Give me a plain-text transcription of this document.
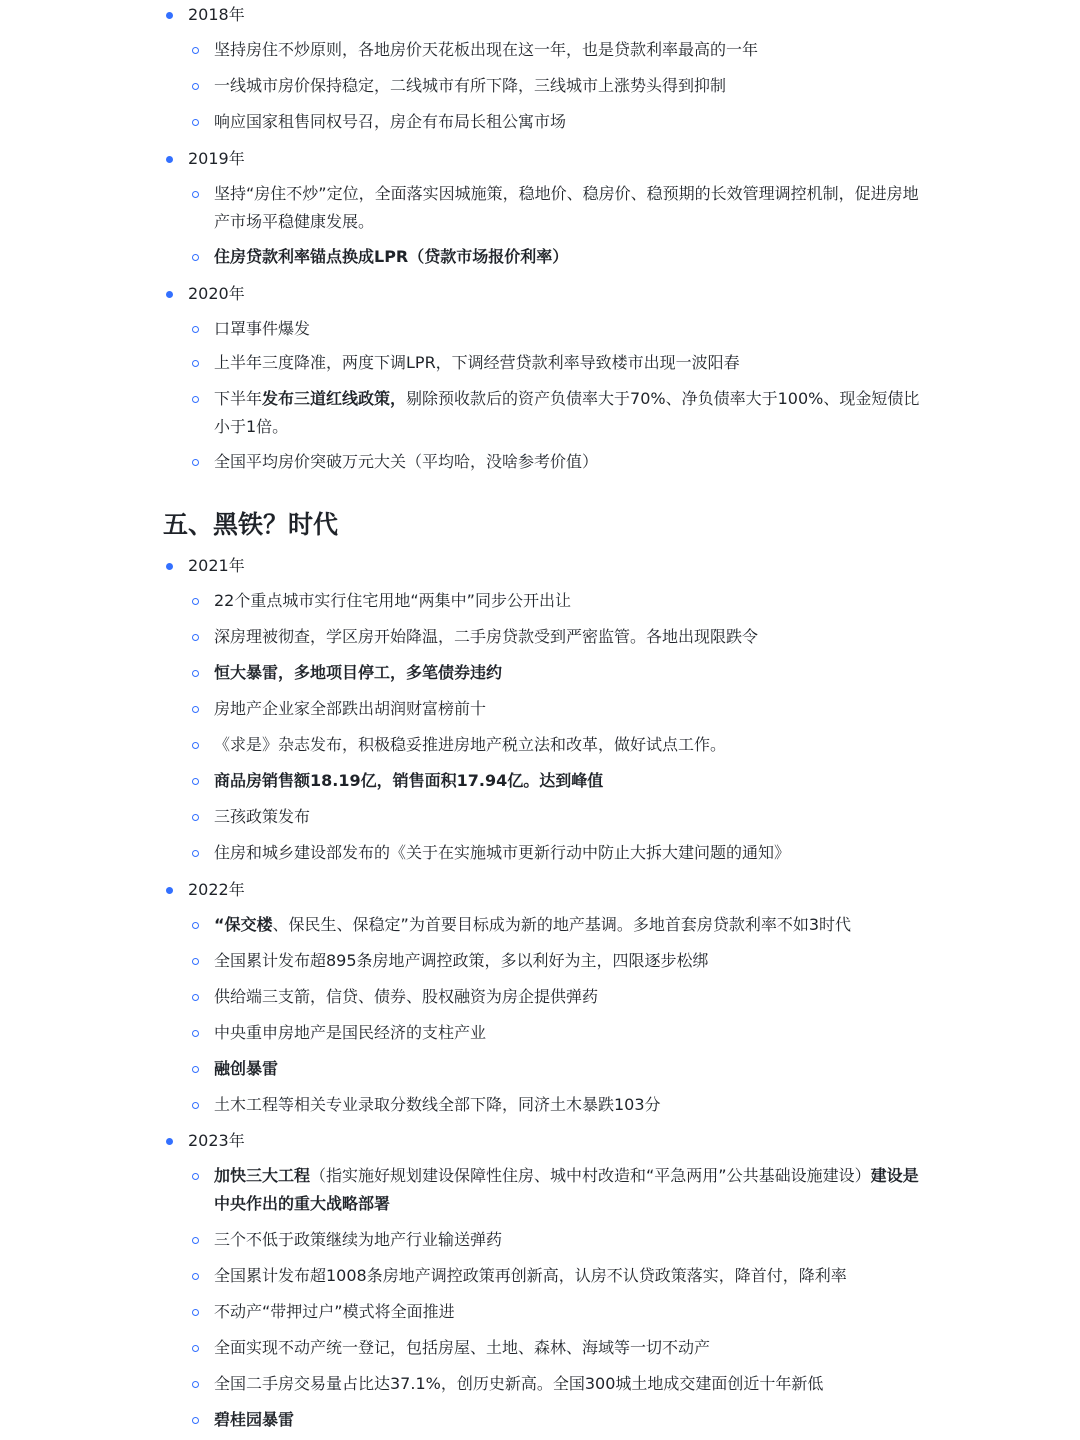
2018年
坚持房住不炒原则，各地房价天花板出现在这一年，也是贷款利率最高的一年
一线城市房价保持稳定，二线城市有所下降，三线城市上涨势头得到抑制
响应国家租售同权号召，房企有布局长租公寓市场
2019年
坚持“房住不炒”定位，全面落实因城施策，稳地价、稳房价、稳预期的长效管理调控机制，促进房地产市场平稳健康发展。
住房贷款利率锚点换成LPR（贷款市场报价利率）
2020年
口罩事件爆发
上半年三度降准，两度下调LPR，下调经营贷款利率导致楼市出现一波阳春
下半年发布三道红线政策，剔除预收款后的资产负债率大于70%、净负债率大于100%、现金短债比小于1倍。
全国平均房价突破万元大关（平均哈，没啥参考价值）
五、黑铁？时代
2021年
22个重点城市实行住宅用地“两集中”同步公开出让
深房理被彻查，学区房开始降温，二手房贷款受到严密监管。各地出现限跌令
恒大暴雷，多地项目停工，多笔债券违约
房地产企业家全部跌出胡润财富榜前十
《求是》杂志发布，积极稳妥推进房地产税立法和改革，做好试点工作。
商品房销售额18.19亿，销售面积17.94亿。达到峰值
三孩政策发布
住房和城乡建设部发布的《关于在实施城市更新行动中防止大拆大建问题的通知》
2022年
“保交楼、保民生、保稳定”为首要目标成为新的地产基调。多地首套房贷款利率不如3时代
全国累计发布超895条房地产调控政策，多以利好为主，四限逐步松绑
供给端三支箭，信贷、债券、股权融资为房企提供弹药
中央重申房地产是国民经济的支柱产业
融创暴雷
土木工程等相关专业录取分数线全部下降，同济土木暴跌103分
2023年
加快三大工程（指实施好规划建设保障性住房、城中村改造和“平急两用”公共基础设施建设）建设是中央作出的重大战略部署
三个不低于政策继续为地产行业输送弹药
全国累计发布超1008条房地产调控政策再创新高，认房不认贷政策落实，降首付，降利率
不动产“带押过户”模式将全面推进
全面实现不动产统一登记，包括房屋、土地、森林、海域等一切不动产
全国二手房交易量占比达37.1%，创历史新高。全国300城土地成交建面创近十年新低
碧桂园暴雷
